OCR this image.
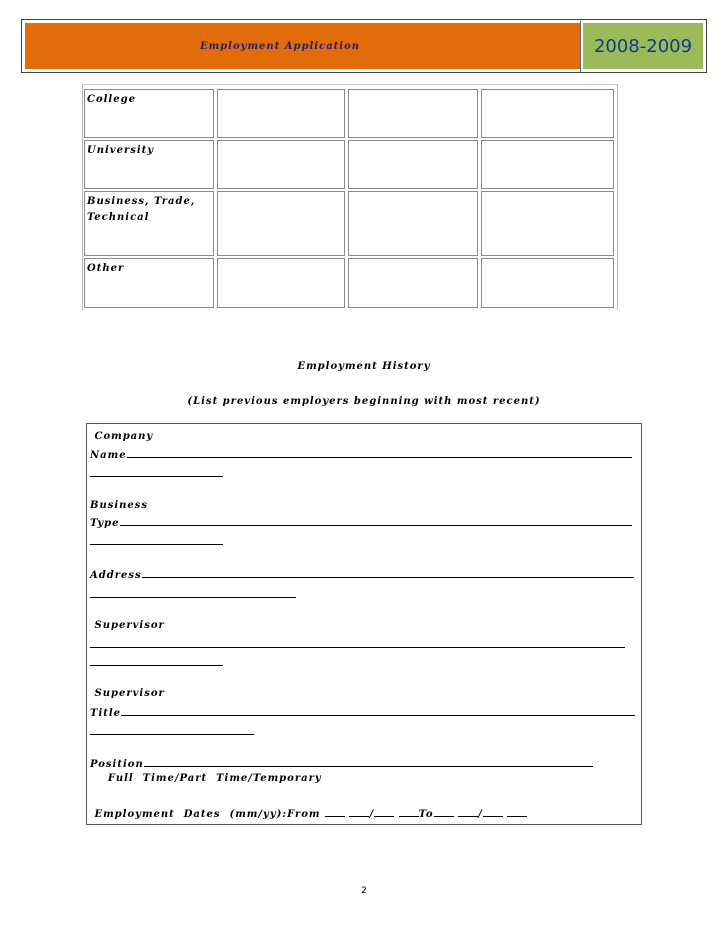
Employment Application	2008-2009
College
University
Business, Trade,
Technical
Other
Employment History
(List previous employers beginning with most recent)
Company
Name
Business
Type
Address
Supervisor
Supervisor
Title
Position
Full  Time/Part  Time/Temporary
Employment  Dates  (mm/yy):From	/	To	/
2
